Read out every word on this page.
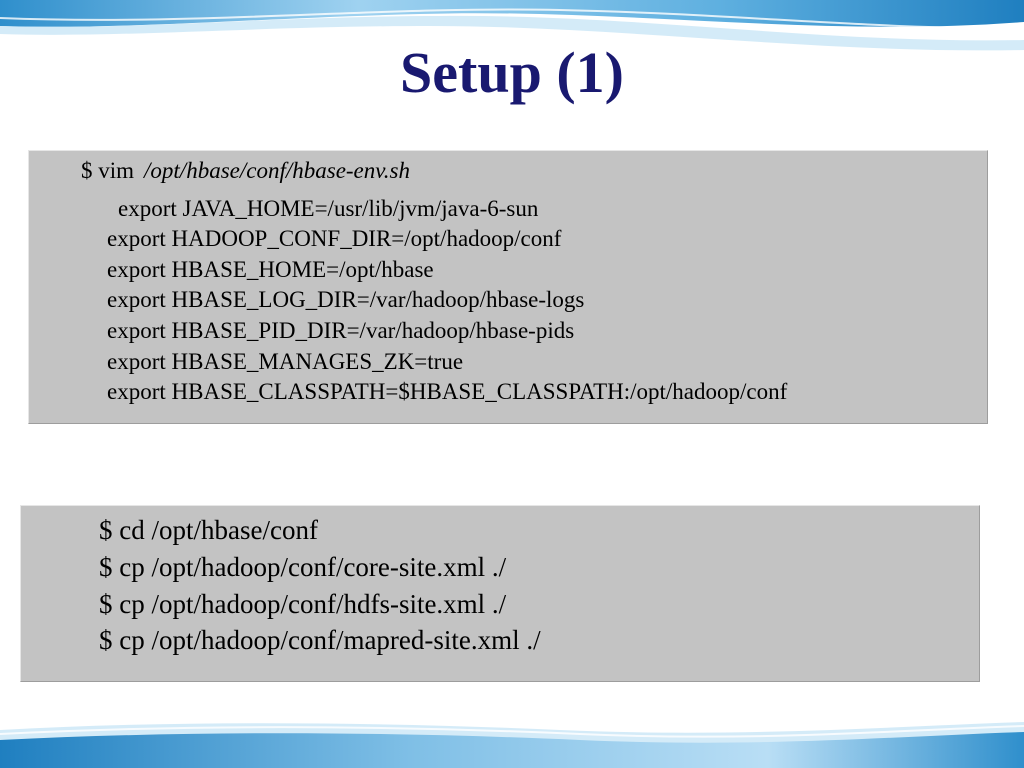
Setup (1)
$ vim /opt/hbase/conf/hbase-env.sh
export JAVA_HOME=/usr/lib/jvm/java-6-sun
export HADOOP_CONF_DIR=/opt/hadoop/conf
export HBASE_HOME=/opt/hbase
export HBASE_LOG_DIR=/var/hadoop/hbase-logs
export HBASE_PID_DIR=/var/hadoop/hbase-pids
export HBASE_MANAGES_ZK=true
export HBASE_CLASSPATH=$HBASE_CLASSPATH:/opt/hadoop/conf
$ cd /opt/hbase/conf
$ cp /opt/hadoop/conf/core-site.xml ./
$ cp /opt/hadoop/conf/hdfs-site.xml ./
$ cp /opt/hadoop/conf/mapred-site.xml ./
